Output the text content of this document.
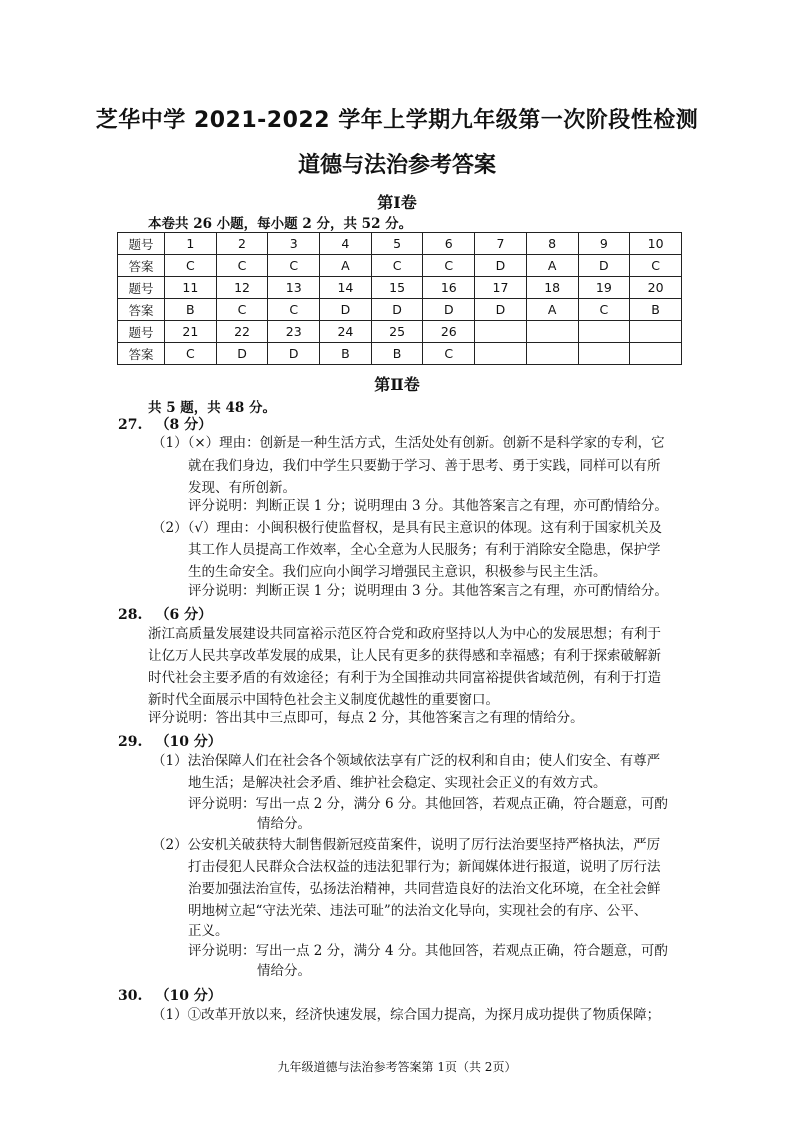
芝华中学 2021-2022 学年上学期九年级第一次阶段性检测
道德与法治参考答案
第Ⅰ卷
本卷共 26 小题，每小题 2 分，共 52 分。
题号	1	2	3	4	5	6	7	8	9	10
答案	C	C	C	A	C	C	D	A	D	C
题号	11	12	13	14	15	16	17	18	19	20
答案	B	C	C	D	D	D	D	A	C	B
题号	21	22	23	24	25	26				
答案	C	D	D	B	B	C				
第Ⅱ卷
共 5 题，共 48 分。
27. （8 分）
（1）（×）理由：创新是一种生活方式，生活处处有创新。创新不是科学家的专利，它
就在我们身边，我们中学生只要勤于学习、善于思考、勇于实践，同样可以有所
发现、有所创新。
评分说明：判断正误 1 分；说明理由 3 分。其他答案言之有理，亦可酌情给分。
（2）（√）理由：小闽积极行使监督权，是具有民主意识的体现。这有利于国家机关及
其工作人员提高工作效率，全心全意为人民服务；有利于消除安全隐患，保护学
生的生命安全。我们应向小闽学习增强民主意识，积极参与民主生活。
评分说明：判断正误 1 分；说明理由 3 分。其他答案言之有理，亦可酌情给分。
28. （6 分）
浙江高质量发展建设共同富裕示范区符合党和政府坚持以人为中心的发展思想；有利于
让亿万人民共享改革发展的成果，让人民有更多的获得感和幸福感；有利于探索破解新
时代社会主要矛盾的有效途径；有利于为全国推动共同富裕提供省域范例，有利于打造
新时代全面展示中国特色社会主义制度优越性的重要窗口。
评分说明：答出其中三点即可，每点 2 分，其他答案言之有理的情给分。
29. （10 分）
（1）法治保障人们在社会各个领域依法享有广泛的权利和自由；使人们安全、有尊严
地生活；是解决社会矛盾、维护社会稳定、实现社会正义的有效方式。
评分说明：写出一点 2 分，满分 6 分。其他回答，若观点正确，符合题意，可酌
情给分。
（2）公安机关破获特大制售假新冠疫苗案件，说明了厉行法治要坚持严格执法，严厉
打击侵犯人民群众合法权益的违法犯罪行为；新闻媒体进行报道，说明了厉行法
治要加强法治宣传，弘扬法治精神，共同营造良好的法治文化环境，在全社会鲜
明地树立起“守法光荣、违法可耻”的法治文化导向，实现社会的有序、公平、
正义。
评分说明：写出一点 2 分，满分 4 分。其他回答，若观点正确，符合题意，可酌
情给分。
30. （10 分）
（1）①改革开放以来，经济快速发展，综合国力提高，为探月成功提供了物质保障；
九年级道德与法治参考答案第 1页（共 2页）
